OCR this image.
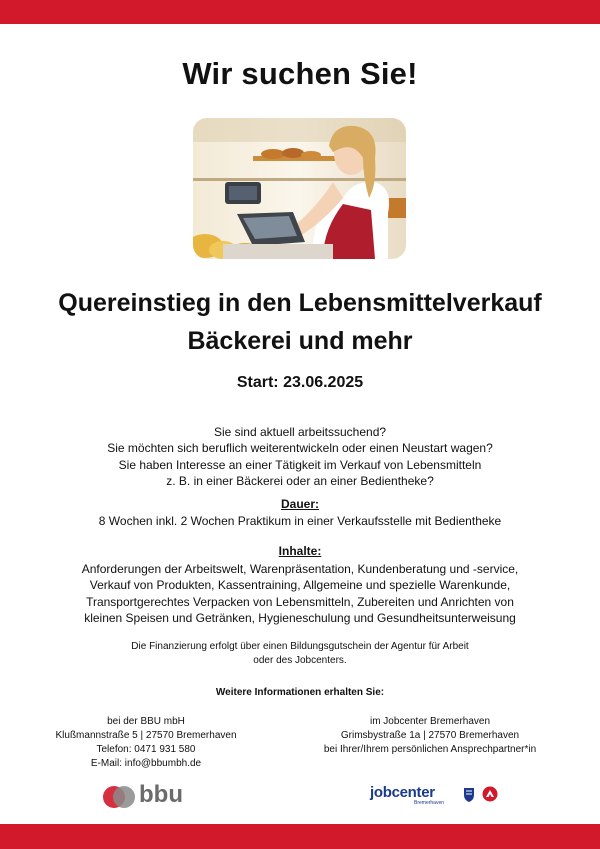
Wir suchen Sie!
Quereinstieg in den Lebensmittelverkauf
Bäckerei und mehr
Start: 23.06.2025
Sie sind aktuell arbeitssuchend?
Sie möchten sich beruflich weiterentwickeln oder einen Neustart wagen?
Sie haben Interesse an einer Tätigkeit im Verkauf von Lebensmitteln
z. B. in einer Bäckerei oder an einer Bedientheke?
Dauer:
8 Wochen inkl. 2 Wochen Praktikum in einer Verkaufsstelle mit Bedientheke
Inhalte:
Anforderungen der Arbeitswelt, Warenpräsentation, Kundenberatung und -service,
Verkauf von Produkten, Kassentraining, Allgemeine und spezielle Warenkunde,
Transportgerechtes Verpacken von Lebensmitteln, Zubereiten und Anrichten von
kleinen Speisen und Getränken, Hygieneschulung und Gesundheitsunterweisung
Die Finanzierung erfolgt über einen Bildungsgutschein der Agentur für Arbeit
oder des Jobcenters.
Weitere Informationen erhalten Sie:
bei der BBU mbH
Klußmannstraße 5 | 27570 Bremerhaven
Telefon: 0471 931 580
E-Mail: info@bbumbh.de
im Jobcenter Bremerhaven
Grimsbystraße 1a | 27570 Bremerhaven
bei Ihrer/Ihrem persönlichen Ansprechpartner*in
bbu	jobcenter
Bremerhaven
